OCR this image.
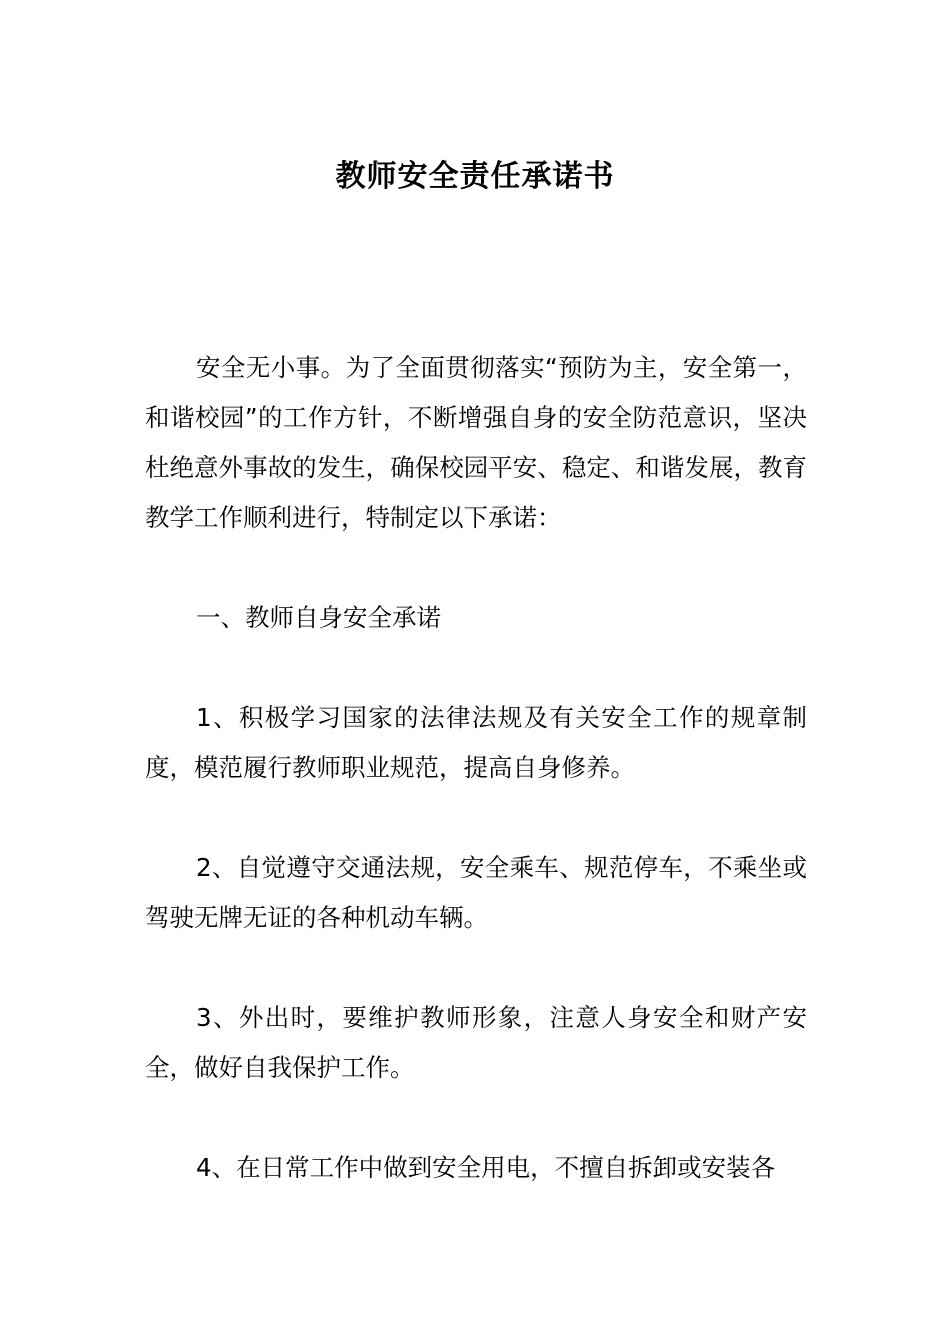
教师安全责任承诺书

安全无小事。为了全面贯彻落实“预防为主，安全第一，和谐校园”的工作方针，不断增强自身的安全防范意识，坚决杜绝意外事故的发生，确保校园平安、稳定、和谐发展，教育教学工作顺利进行，特制定以下承诺：

一、教师自身安全承诺

1、积极学习国家的法律法规及有关安全工作的规章制度，模范履行教师职业规范，提高自身修养。

2、自觉遵守交通法规，安全乘车、规范停车，不乘坐或驾驶无牌无证的各种机动车辆。

3、外出时，要维护教师形象，注意人身安全和财产安全，做好自我保护工作。

4、在日常工作中做到安全用电，不擅自拆卸或安装各
